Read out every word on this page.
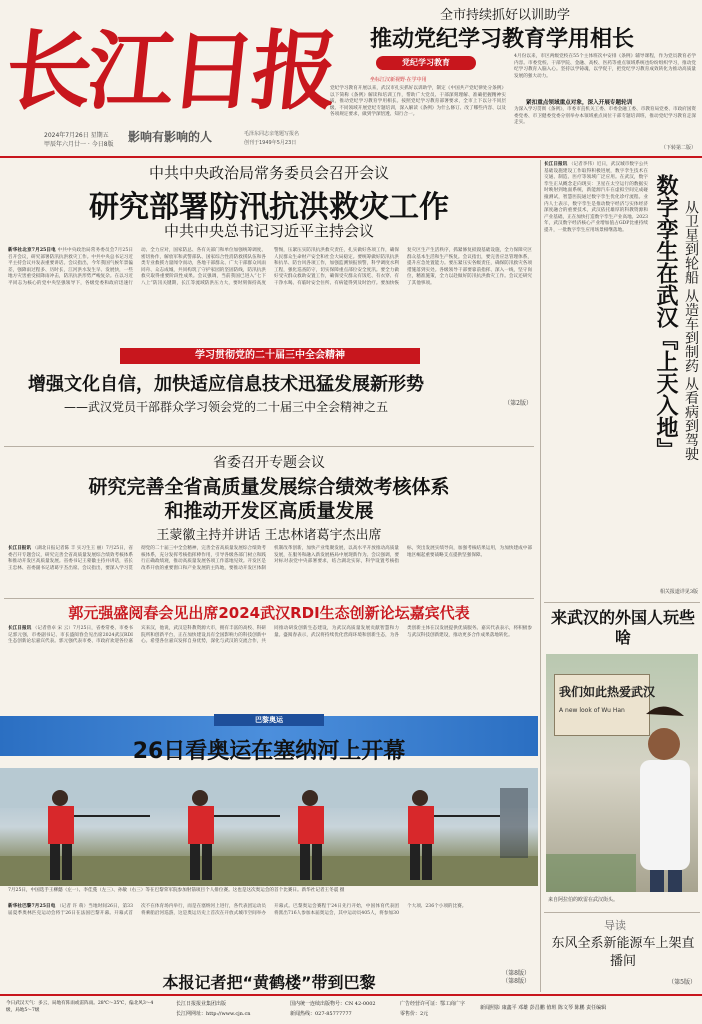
长江日报
2024年7月26日 星期五
甲辰年六月廿一 · 今日8版
影响有影响的人	毛泽东同志亲笔题写报名
创刊于1949年5月23日
全市持续抓好以训助学
推动党纪学习教育学用相长
党纪学习教育
坐标江汉新视野·在学中用
党纪学习教育开展以来，武汉市扎实抓好以训助学，制定《中国共产党纪律处分条例》以下简称《条例》解读和培训工作，帮助广大党员、干部深刻理解、准确把握精神实质，推动党纪学习教育学用相长。按照党纪学习教育部署要求，全市上下以分不同层级、不同领域开展党纪专题培训，深入解读《条例》为什么修订、改了哪些内容、以及各项规定要求，做到学深悟透、知行合一。
4月份以来，市区两级党校在55个主体班次中安排《条例》辅导课程，作为党员教育必学内容。市委党校、干部学院、金融、高校、医药等重点领域系统也纷纷组织学习，推动党纪学习教育入脑入心。坚持以学铸魂，以学促干，把党纪学习教育成效转化为推动高质量发展的强大动力。
紧扣重点领域重点对象，深入开展专题轮训
为深入学习贯彻《条例》，市委市直机关工委、市委金融工委、市教育局党委、市政府国资委党委、市卫健委党委分别举办本领域重点岗位干部专题培训班，推动党纪学习教育走深走实。
（下转第二版）
中共中央政治局常务委员会召开会议
研究部署防汛抗洪救灾工作
中共中央总书记习近平主持会议
新华社北京7月25日电 中共中央政治局常务委员会7月25日召开会议，研究部署防汛抗洪救灾工作。中共中央总书记习近平主持会议并发表重要讲话。会议指出，今年我国气候年景偏差，强降雨过程多、历时长，江河洪水发生早、发展快，一些地方灾害重受损降雨冲击，防汛抗洪形势严峻复杂。在以习近平同志为核心的党中央坚强领导下，各级党委和政府迅速行动、全力应对，国家防总、各有关部门和单位加强统筹调度、密切协作，解放军和武警部队、国家综合性消防救援队伍和各类专业救援力量闻令而动，各地干部群众、广大干部群众风雨同舟、众志成城，共同构筑了守护家园的坚固防线，防汛抗洪救灾取得重要阶段性成果。会议强调，当前我国已进入“七下八上”防汛关键期，长江等流域防洪压力大，要时刻保持高度警惕，压紧压实防汛抗洪救灾责任，扎实做好各项工作，确保人民群众生命财产安全和社会大局稳定。要统筹做好防汛抗洪和抗旱、防台风各项工作，加强监测预报预警，科学调度水利工程，强化巡查防守，切实保障重点部位安全度汛。要全力做好受灾群众救助安置工作，确保受灾群众有饭吃、有衣穿、有干净水喝、有临时安全住所、有病能得到及时治疗。要加快恢复灾区生产生活秩序，抓紧修复损毁基础设施，全力保障灾区群众基本生活和生产恢复。会议指出，要完善应急管理体系，提升应急处置能力。要压紧压实各级责任，确保防汛救灾各项措施落到实处。各级领导干部要靠前指挥、深入一线，坚守岗位，精准施策，全力以赴做好防汛抗洪救灾工作。会议还研究了其他事项。
学习贯彻党的二十届三中全会精神
增强文化自信，加快适应信息技术迅猛发展新形势
——武汉党员干部群众学习领会党的二十届三中全会精神之五	（第2版）
省委召开专题会议
研究完善全省高质量发展综合绩效考核体系
和推动开发区高质量发展
王蒙徽主持并讲话 王忠林诸葛宇杰出席
长江日报讯 （湖北日报记者陈 丰 实习生王 丽）7月25日，省委召开专题会议，研究完善全省高质量发展综合绩效考核体系和推动开发区高质量发展。省委书记王蒙徽主持并讲话，省长王忠林、省委副书记诸葛宇杰出席。会议指出，要深入学习贯彻党的二十届三中全会精神，完善全省高质量发展综合绩效考核体系，充分发挥考核指挥棒作用，引导各级各部门树立和践行正确政绩观，推动高质量发展各项工作落地见效。开发区是改革开放的重要窗口和产业发展的主阵地，要推动开发区体制机制改革创新，加快产业集聚发展，以高水平开放推动高质量发展，在服务和融入新发展格局中展现新作为。会议强调，要对标对表党中央部署要求，结合湖北实际，科学设置考核指标，突出发展实绩导向，加强考核结果运用，为加快建成中部地区崛起重要战略支点提供坚强保障。
郭元强盛阅春会见出席2024武汉RDI生态创新论坛嘉宾代表
长江日报讯 （记者曾卓 宋 云）7月25日，省委常委、市委书记郭元强，市委副书记、市长盛阅春会见出席2024武汉RDI生态创新论坛嘉宾代表。郭元强代表市委、市政府欢迎各位嘉宾来汉，他说，武汉是科教资源大市，拥有丰富的高校、科研院所和创新平台，正在加快建设具有全国影响力的科技创新中心。希望各位嘉宾发挥自身优势，深化与武汉的交流合作，共同推动研发创新生态建设，为武汉高质量发展贡献智慧和力量。盛阅春表示，武汉将持续优化营商环境和创新生态，为各类创新主体在汉发展提供优质服务。嘉宾代表表示，将积极参与武汉科技创新建设，推动更多合作成果落地转化。
巴黎奥运
26日看奥运在塞纳河上开幕
7月25日，中国选手王柳懿（左一）、李佳蔓（左三）、孙敏（右三）等在巴黎荣军院参加射箭项目个人排位赛。这也是这次奥运会的首个比赛日。新华社记者王冬震 摄
新华社巴黎7月25日电 （记者 许 萌）当地时间26日，第33届夏季奥林匹克运动会将于26日在法国巴黎开幕。开幕式首次不在体育场内举行，而是在塞纳河上进行，各代表团运动员将乘船沿河巡游，这是奥运历史上首次在开放式城市空间举办开幕式。巴黎奥运会赛程于24日先行开始，中国体育代表团将派出716人参加本届奥运会，其中运动员405人，将参加30个大项、236个小项的比赛。
（第8版）
本报记者把“黄鹤楼”带到巴黎	（第8版）
长江日报讯 （记者李伟）近日，武汉城市数字公共基础设施建设工作取得积极进展，数字孪生技术在交通、制造、医疗等领域广泛应用。在武汉，数字孪生正从概念走向现实：卫星在太空运行的数据实时映射到地面系统，新能源汽车在虚拟空间完成碰撞测试，智慧医院通过数字孪生优化诊疗流程。业内人士表示，数字孪生是推动数字经济与实体经济深度融合的重要技术，武汉依托雄厚的科教资源和产业基础，正在加快打造数字孪生产业高地。2023年，武汉数字经济核心产业增加值占GDP比重持续提升，一批数字孪生应用场景相继落地。	数字孪生在武汉『上天入地』 从卫星到轮船 从造车到制药 从看病到驾驶
相关报道详见3版
来武汉的外国人玩些啥
我们如此热爱武汉
A new look of Wu Han
来自阿拉伯的欧雷在武汉街头。
导读
东风全系新能源车上架直播间
（第5版）
今日武汉天气：多云，局地有阵雨或雷阵雨。28℃～35℃，偏北风3～4级，局地5～7级
长江日报报业集团出版
长江网网址：http://www.cjn.cn
国内统一连续出版物号：CN 42-0002
新闻热线：027-85777777
广告经营许可证：鄂工商广字
零售价：2元
新闻照影 康鑫平 邓雄 彭昌鹏 值班 陈文琴 陈鹏 责任编辑
